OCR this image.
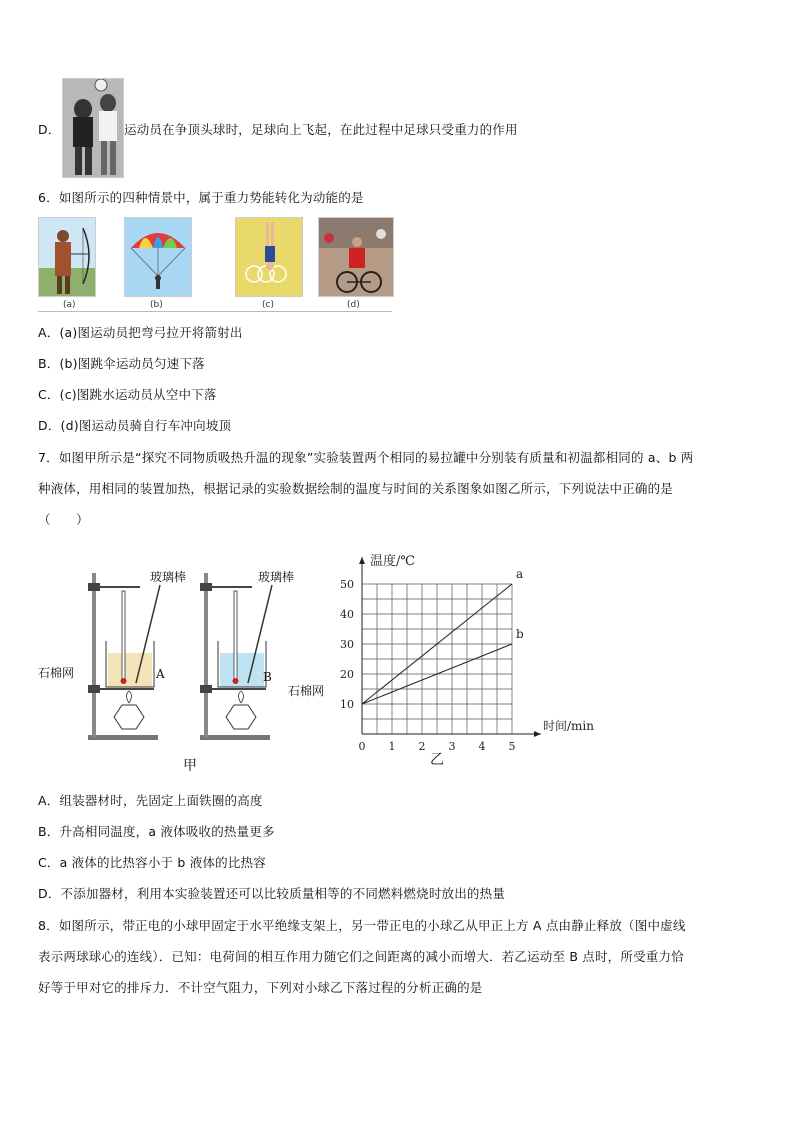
D．	运动员在争顶头球时，足球向上飞起，在此过程中足球只受重力的作用
6．如图所示的四种情景中，属于重力势能转化为动能的是
(a)	(b)	(c)	(d)
A．(a)图运动员把弯弓拉开将箭射出
B．(b)图跳伞运动员匀速下落
C．(c)图跳水运动员从空中下落
D．(d)图运动员骑自行车冲向坡顶
7．如图甲所示是“探究不同物质吸热升温的现象”实验装置两个相同的易拉罐中分别装有质量和初温都相同的 a、b 两
种液体，用相同的装置加热，根据记录的实验数据绘制的温度与时间的关系图象如图乙所示，下列说法中正确的是
（　　）
玻璃棒	玻璃棒
石棉网
石棉网
A	B
甲
0 1 2 3 4 5
10
20
30
40
50
温度/℃
时间/min
乙
a
b
A．组装器材时，先固定上面铁圈的高度
B．升高相同温度，a 液体吸收的热量更多
C．a 液体的比热容小于 b 液体的比热容
D．不添加器材，利用本实验装置还可以比较质量相等的不同燃料燃烧时放出的热量
8．如图所示，带正电的小球甲固定于水平绝缘支架上，另一带正电的小球乙从甲正上方 A 点由静止释放（图中虚线
表示两球球心的连线）．已知：电荷间的相互作用力随它们之间距离的减小而增大．若乙运动至 B 点时，所受重力恰
好等于甲对它的排斥力．不计空气阻力，下列对小球乙下落过程的分析正确的是
